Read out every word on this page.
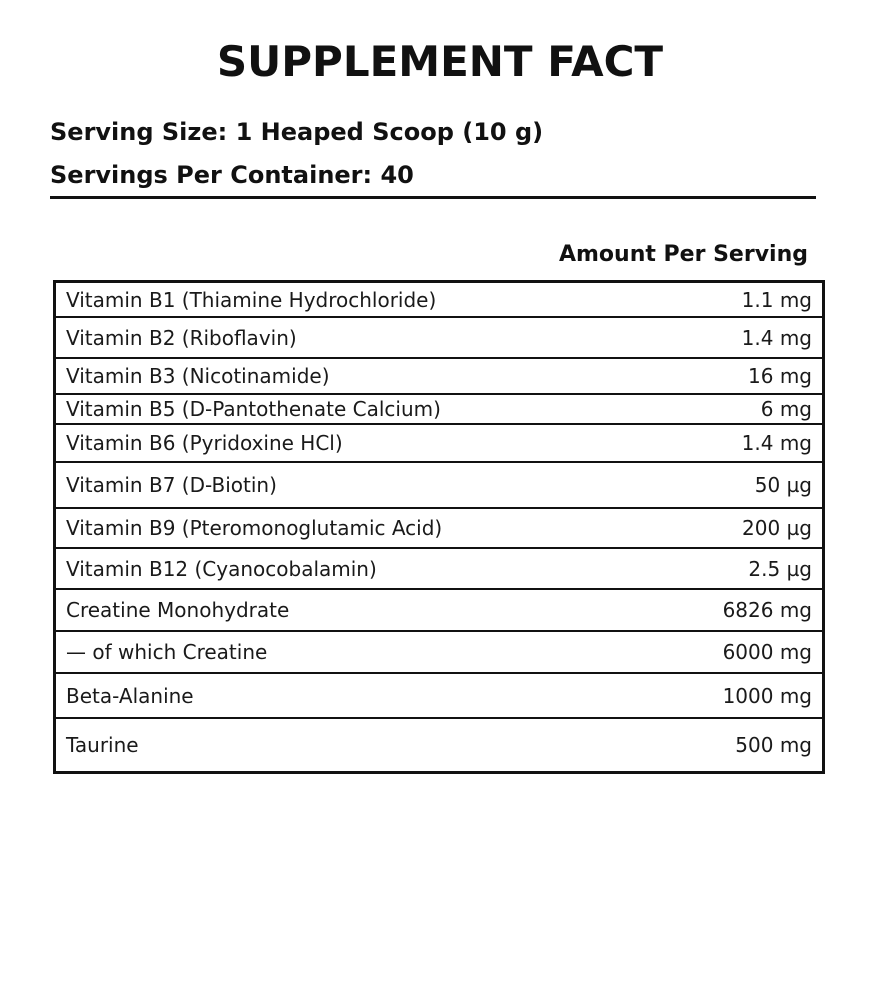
SUPPLEMENT FACT
Serving Size: 1 Heaped Scoop (10 g)
Servings Per Container: 40
Amount Per Serving
Vitamin B1 (Thiamine Hydrochloride)	1.1 mg
Vitamin B2 (Riboflavin)	1.4 mg
Vitamin B3 (Nicotinamide)	16 mg
Vitamin B5 (D-Pantothenate Calcium)	6 mg
Vitamin B6 (Pyridoxine HCl)	1.4 mg
Vitamin B7 (D-Biotin)	50 µg
Vitamin B9 (Pteromonoglutamic Acid)	200 µg
Vitamin B12 (Cyanocobalamin)	2.5 µg
Creatine Monohydrate	6826 mg
— of which Creatine	6000 mg
Beta-Alanine	1000 mg
Taurine	500 mg
